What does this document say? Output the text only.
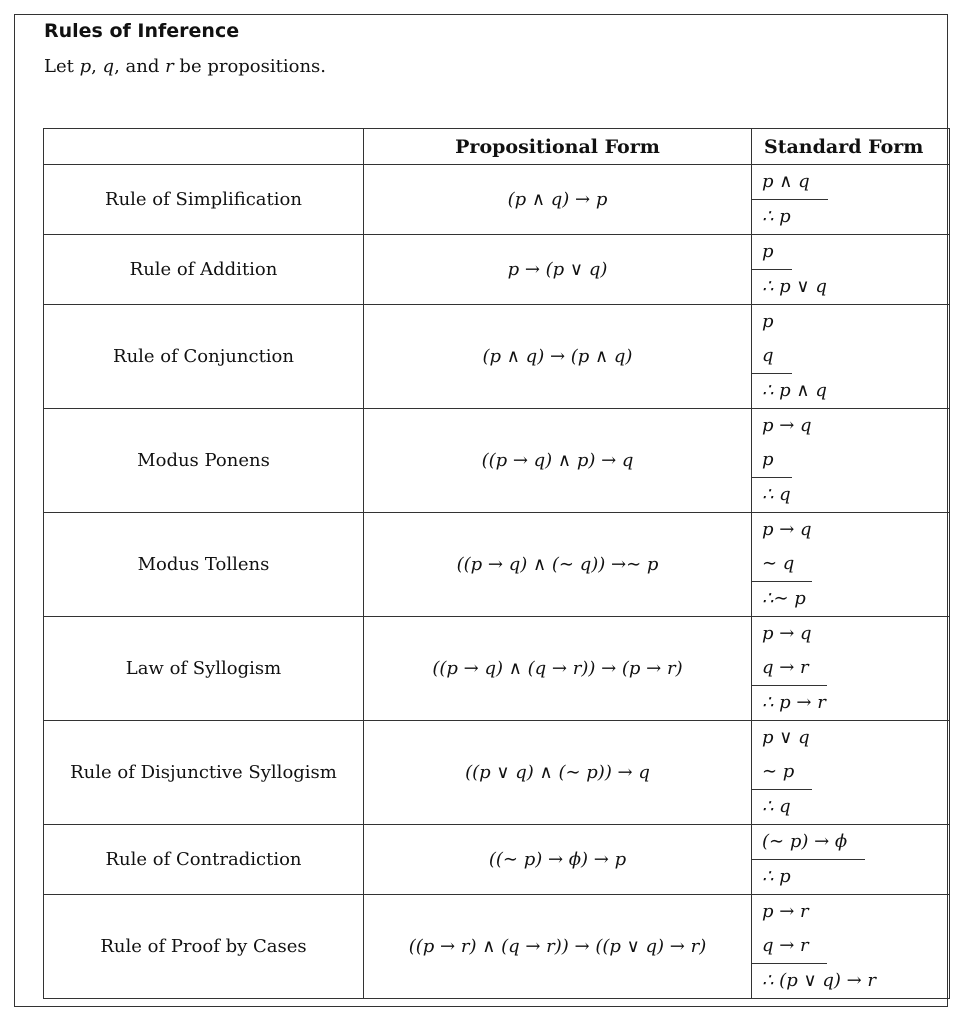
Rules of Inference
Let p, q, and r be propositions.
	Propositional Form	Standard Form
Rule of Simplification	(p ∧ q) → p	p ∧ q
∴ p

Rule of Addition	p → (p ∨ q)	p
∴ p ∨ q

Rule of Conjunction	(p ∧ q) → (p ∧ q)	p
q
∴ p ∧ q

Modus Ponens	((p → q) ∧ p) → q	p → q
p
∴ q

Modus Tollens	((p → q) ∧ (∼ q)) →∼ p	p → q
∼ q
∴∼ p

Law of Syllogism	((p → q) ∧ (q → r)) → (p → r)	p → q
q → r
∴ p → r

Rule of Disjunctive Syllogism	((p ∨ q) ∧ (∼ p)) → q	p ∨ q
∼ p
∴ q

Rule of Contradiction	((∼ p) → ϕ) → p	(∼ p) → ϕ
∴ p

Rule of Proof by Cases	((p → r) ∧ (q → r)) → ((p ∨ q) → r)	p → r
q → r
∴ (p ∨ q) → r
